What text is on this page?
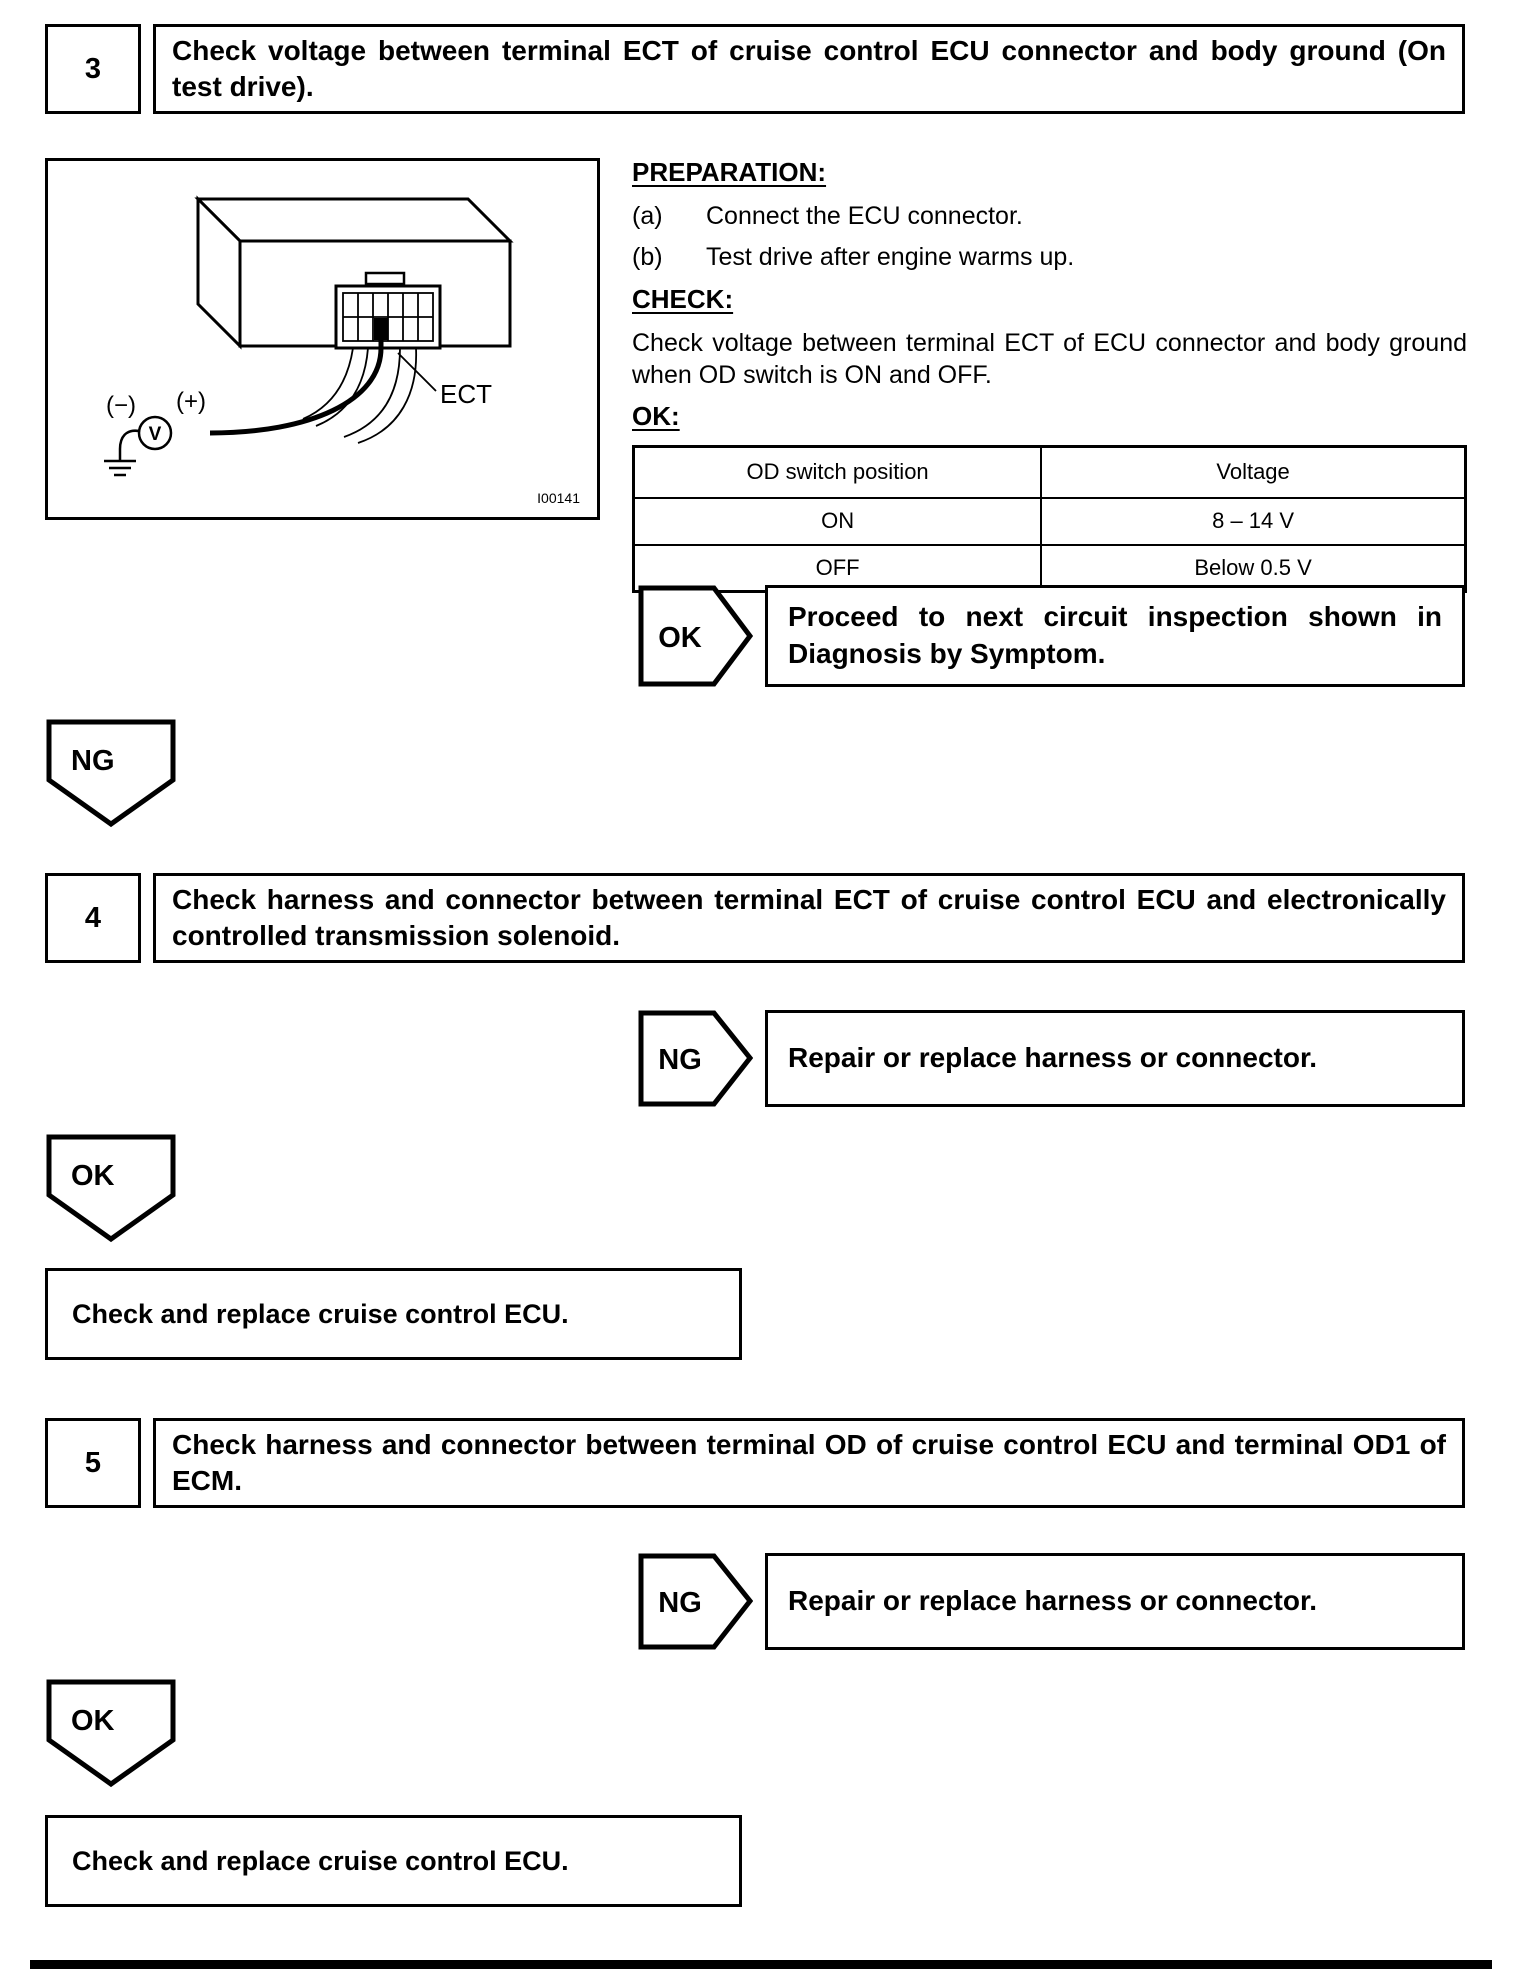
3
Check voltage between terminal ECT of cruise control ECU connector and body ground (On test drive).
V
(−) (+)	ECT
I00141
PREPARATION:
(a)	Connect the ECU connector.
(b)	Test drive after engine warms up.
CHECK:
Check voltage between terminal ECT of ECU connector and body ground when OD switch is ON and OFF.
OK:
OD switch position	Voltage
ON	8 – 14 V
OFF	Below 0.5 V
OK
Proceed to next circuit inspection shown in Diagnosis by Symptom.
NG
4
Check harness and connector between terminal ECT of cruise control ECU and electronically controlled transmission solenoid.
NG	Repair or replace harness or connector.
OK
Check and replace cruise control ECU.
5
Check harness and connector between terminal OD of cruise control ECU and terminal OD1 of ECM.
NG	Repair or replace harness or connector.
OK
Check and replace cruise control ECU.
